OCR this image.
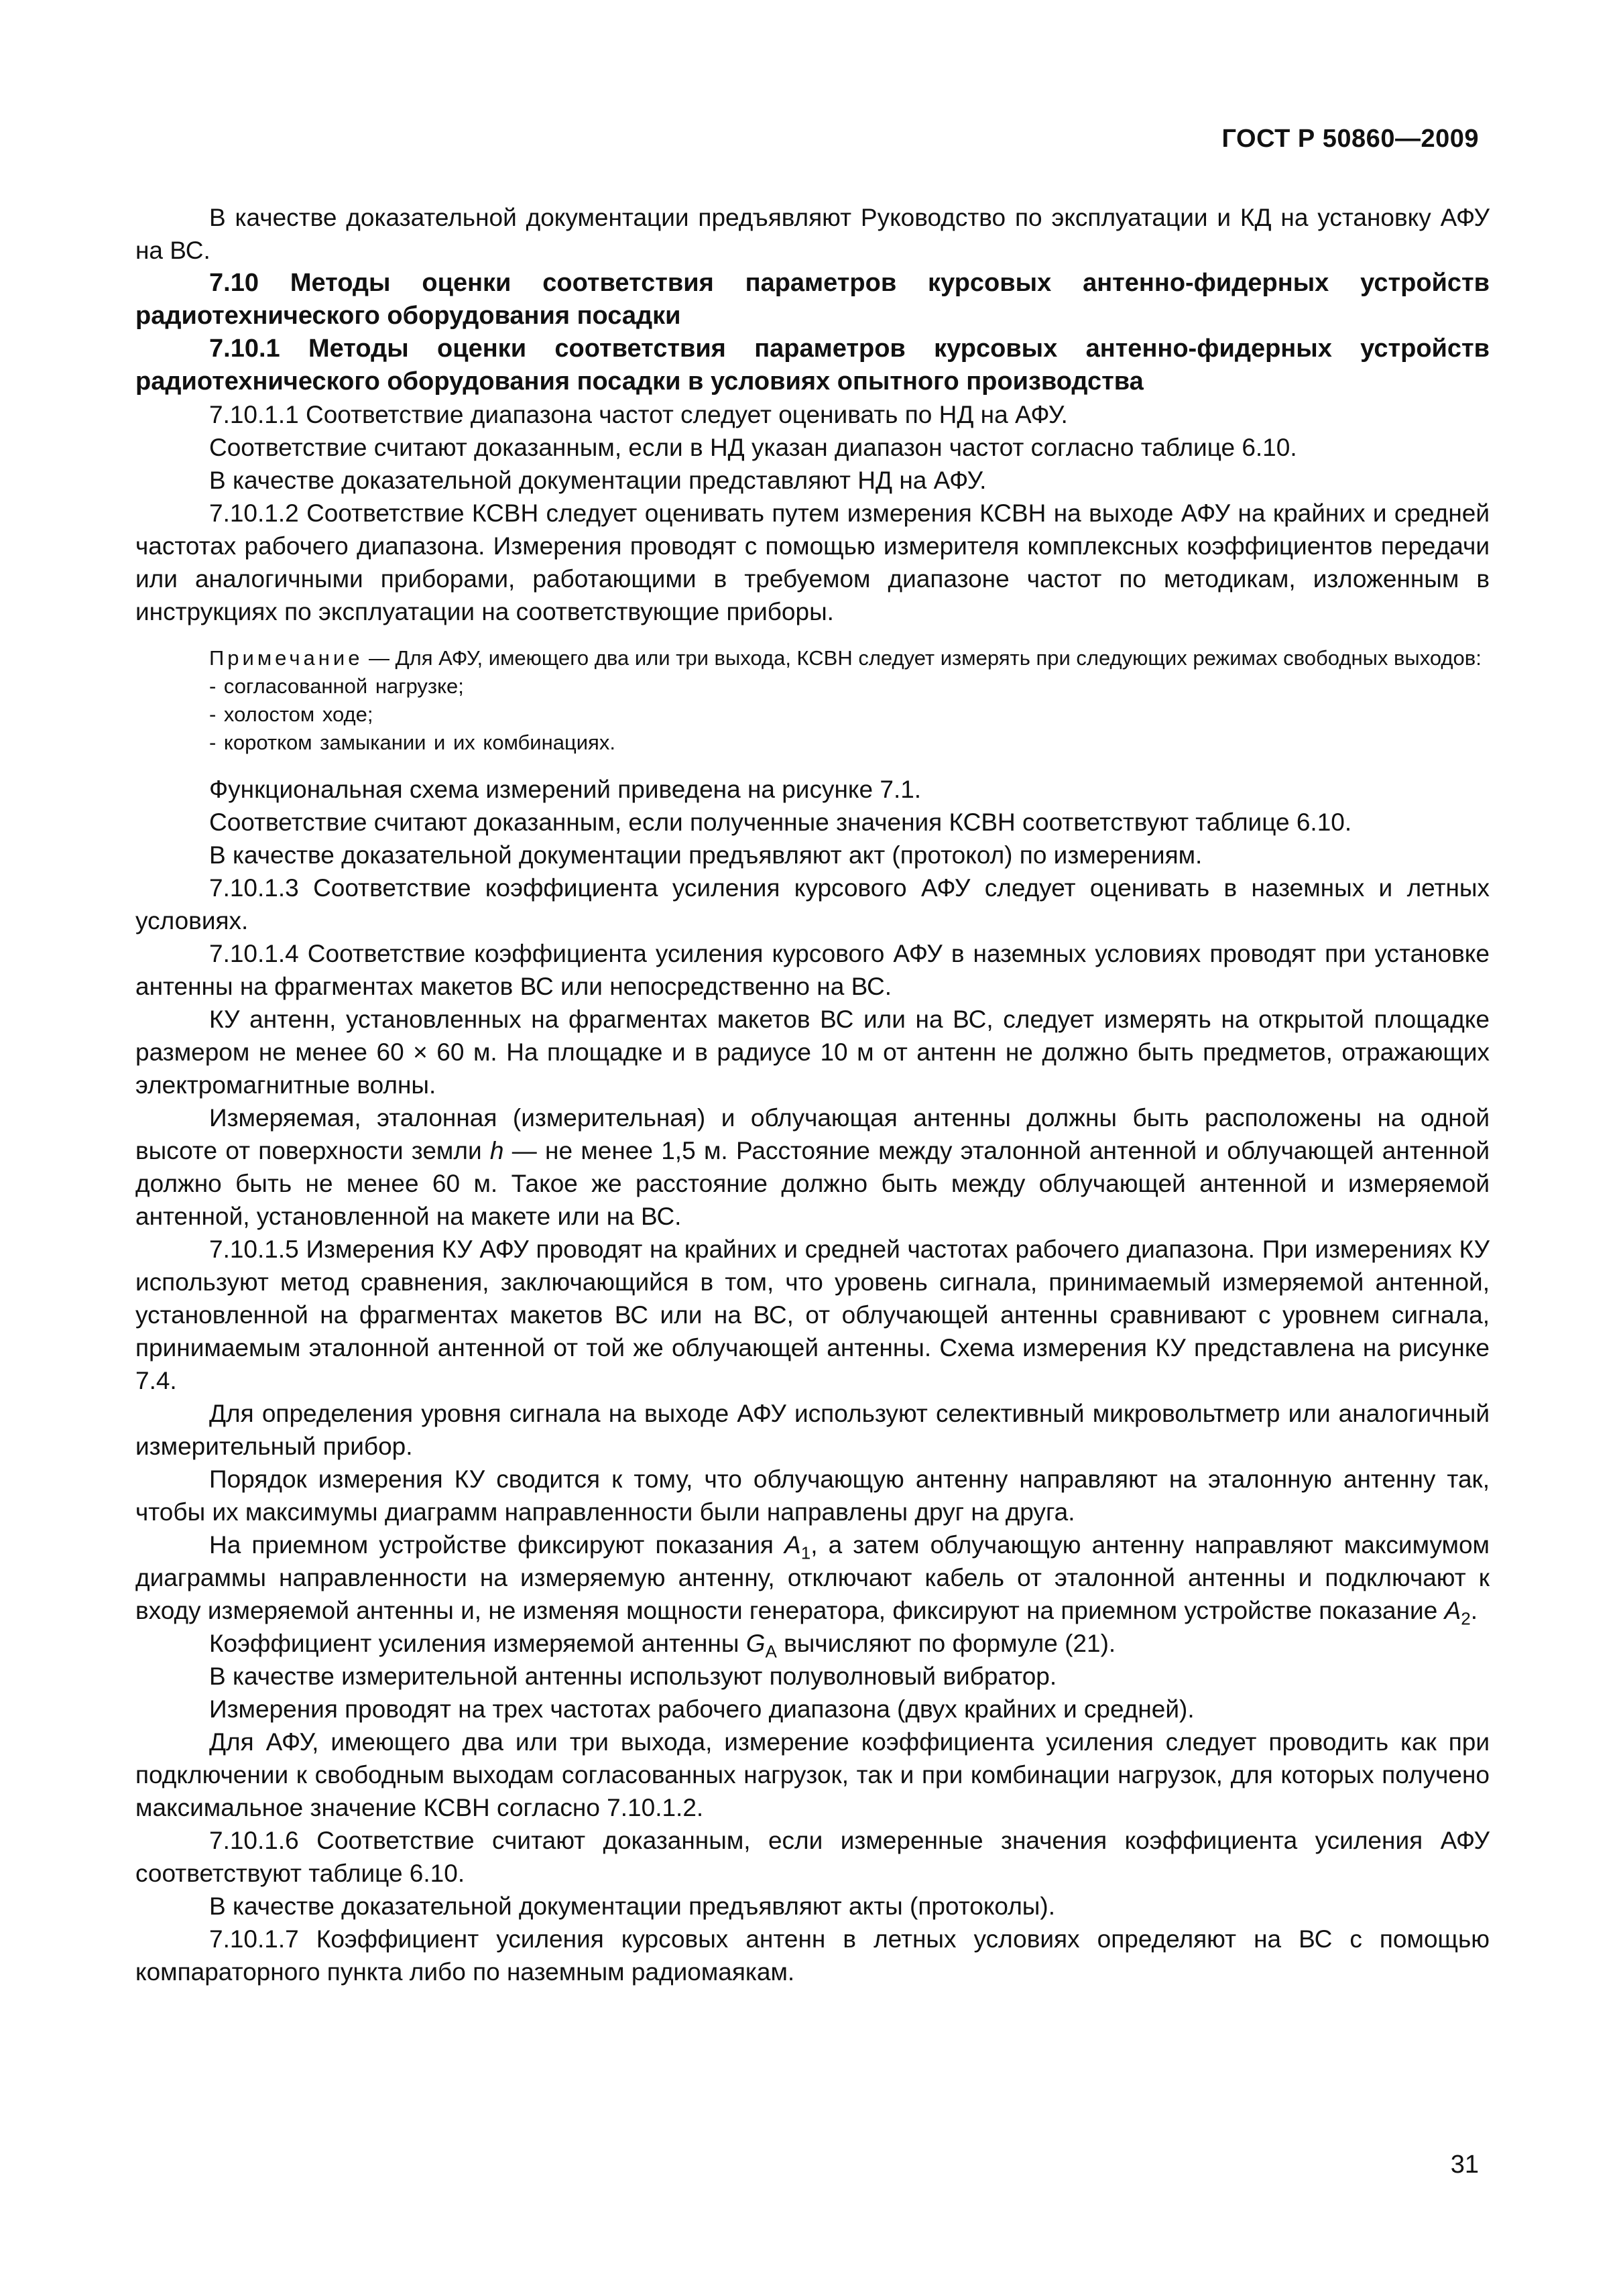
ГОСТ Р 50860—2009

В качестве доказательной документации предъявляют Руководство по эксплуатации и КД на установку АФУ на ВС.

7.10 Методы оценки соответствия параметров курсовых антенно-фидерных устройств радиотехнического оборудования посадки

7.10.1 Методы оценки соответствия параметров курсовых антенно-фидерных устройств радиотехнического оборудования посадки в условиях опытного производства

7.10.1.1 Соответствие диапазона частот следует оценивать по НД на АФУ.

Соответствие считают доказанным, если в НД указан диапазон частот согласно таблице 6.10.

В качестве доказательной документации представляют НД на АФУ.

7.10.1.2 Соответствие КСВН следует оценивать путем измерения КСВН на выходе АФУ на крайних и средней частотах рабочего диапазона. Измерения проводят с помощью измерителя комплексных коэффициентов передачи или аналогичными приборами, работающими в требуемом диапазоне частот по методикам, изложенным в инструкциях по эксплуатации на соответствующие приборы.

Примечание — Для АФУ, имеющего два или три выхода, КСВН следует измерять при следующих режимах свободных выходов:

- согласованной нагрузке;

- холостом ходе;

- коротком замыкании и их комбинациях.

Функциональная схема измерений приведена на рисунке 7.1.

Соответствие считают доказанным, если полученные значения КСВН соответствуют таблице 6.10.

В качестве доказательной документации предъявляют акт (протокол) по измерениям.

7.10.1.3 Соответствие коэффициента усиления курсового АФУ следует оценивать в наземных и летных условиях.

7.10.1.4 Соответствие коэффициента усиления курсового АФУ в наземных условиях проводят при установке антенны на фрагментах макетов ВС или непосредственно на ВС.

КУ антенн, установленных на фрагментах макетов ВС или на ВС, следует измерять на открытой площадке размером не менее 60 × 60 м. На площадке и в радиусе 10 м от антенн не должно быть предметов, отражающих электромагнитные волны.

Измеряемая, эталонная (измерительная) и облучающая антенны должны быть расположены на одной высоте от поверхности земли h — не менее 1,5 м. Расстояние между эталонной антенной и облучающей антенной должно быть не менее 60 м. Такое же расстояние должно быть между облучающей антенной и измеряемой антенной, установленной на макете или на ВС.

7.10.1.5 Измерения КУ АФУ проводят на крайних и средней частотах рабочего диапазона. При измерениях КУ используют метод сравнения, заключающийся в том, что уровень сигнала, принимаемый измеряемой антенной, установленной на фрагментах макетов ВС или на ВС, от облучающей антенны сравнивают с уровнем сигнала, принимаемым эталонной антенной от той же облучающей антенны. Схема измерения КУ представлена на рисунке 7.4.

Для определения уровня сигнала на выходе АФУ используют селективный микровольтметр или аналогичный измерительный прибор.

Порядок измерения КУ сводится к тому, что облучающую антенну направляют на эталонную антенну так, чтобы их максимумы диаграмм направленности были направлены друг на друга.

На приемном устройстве фиксируют показания $A_1$, а затем облучающую антенну направляют максимумом диаграммы направленности на измеряемую антенну, отключают кабель от эталонной антенны и подключают к входу измеряемой антенны и, не изменяя мощности генератора, фиксируют на приемном устройстве показание $A_2$.

Коэффициент усиления измеряемой антенны $G_A$ вычисляют по формуле (21).

В качестве измерительной антенны используют полуволновый вибратор.

Измерения проводят на трех частотах рабочего диапазона (двух крайних и средней).

Для АФУ, имеющего два или три выхода, измерение коэффициента усиления следует проводить как при подключении к свободным выходам согласованных нагрузок, так и при комбинации нагрузок, для которых получено максимальное значение КСВН согласно 7.10.1.2.

7.10.1.6 Соответствие считают доказанным, если измеренные значения коэффициента усиления АФУ соответствуют таблице 6.10.

В качестве доказательной документации предъявляют акты (протоколы).

7.10.1.7 Коэффициент усиления курсовых антенн в летных условиях определяют на ВС с помощью компараторного пункта либо по наземным радиомаякам.

31
